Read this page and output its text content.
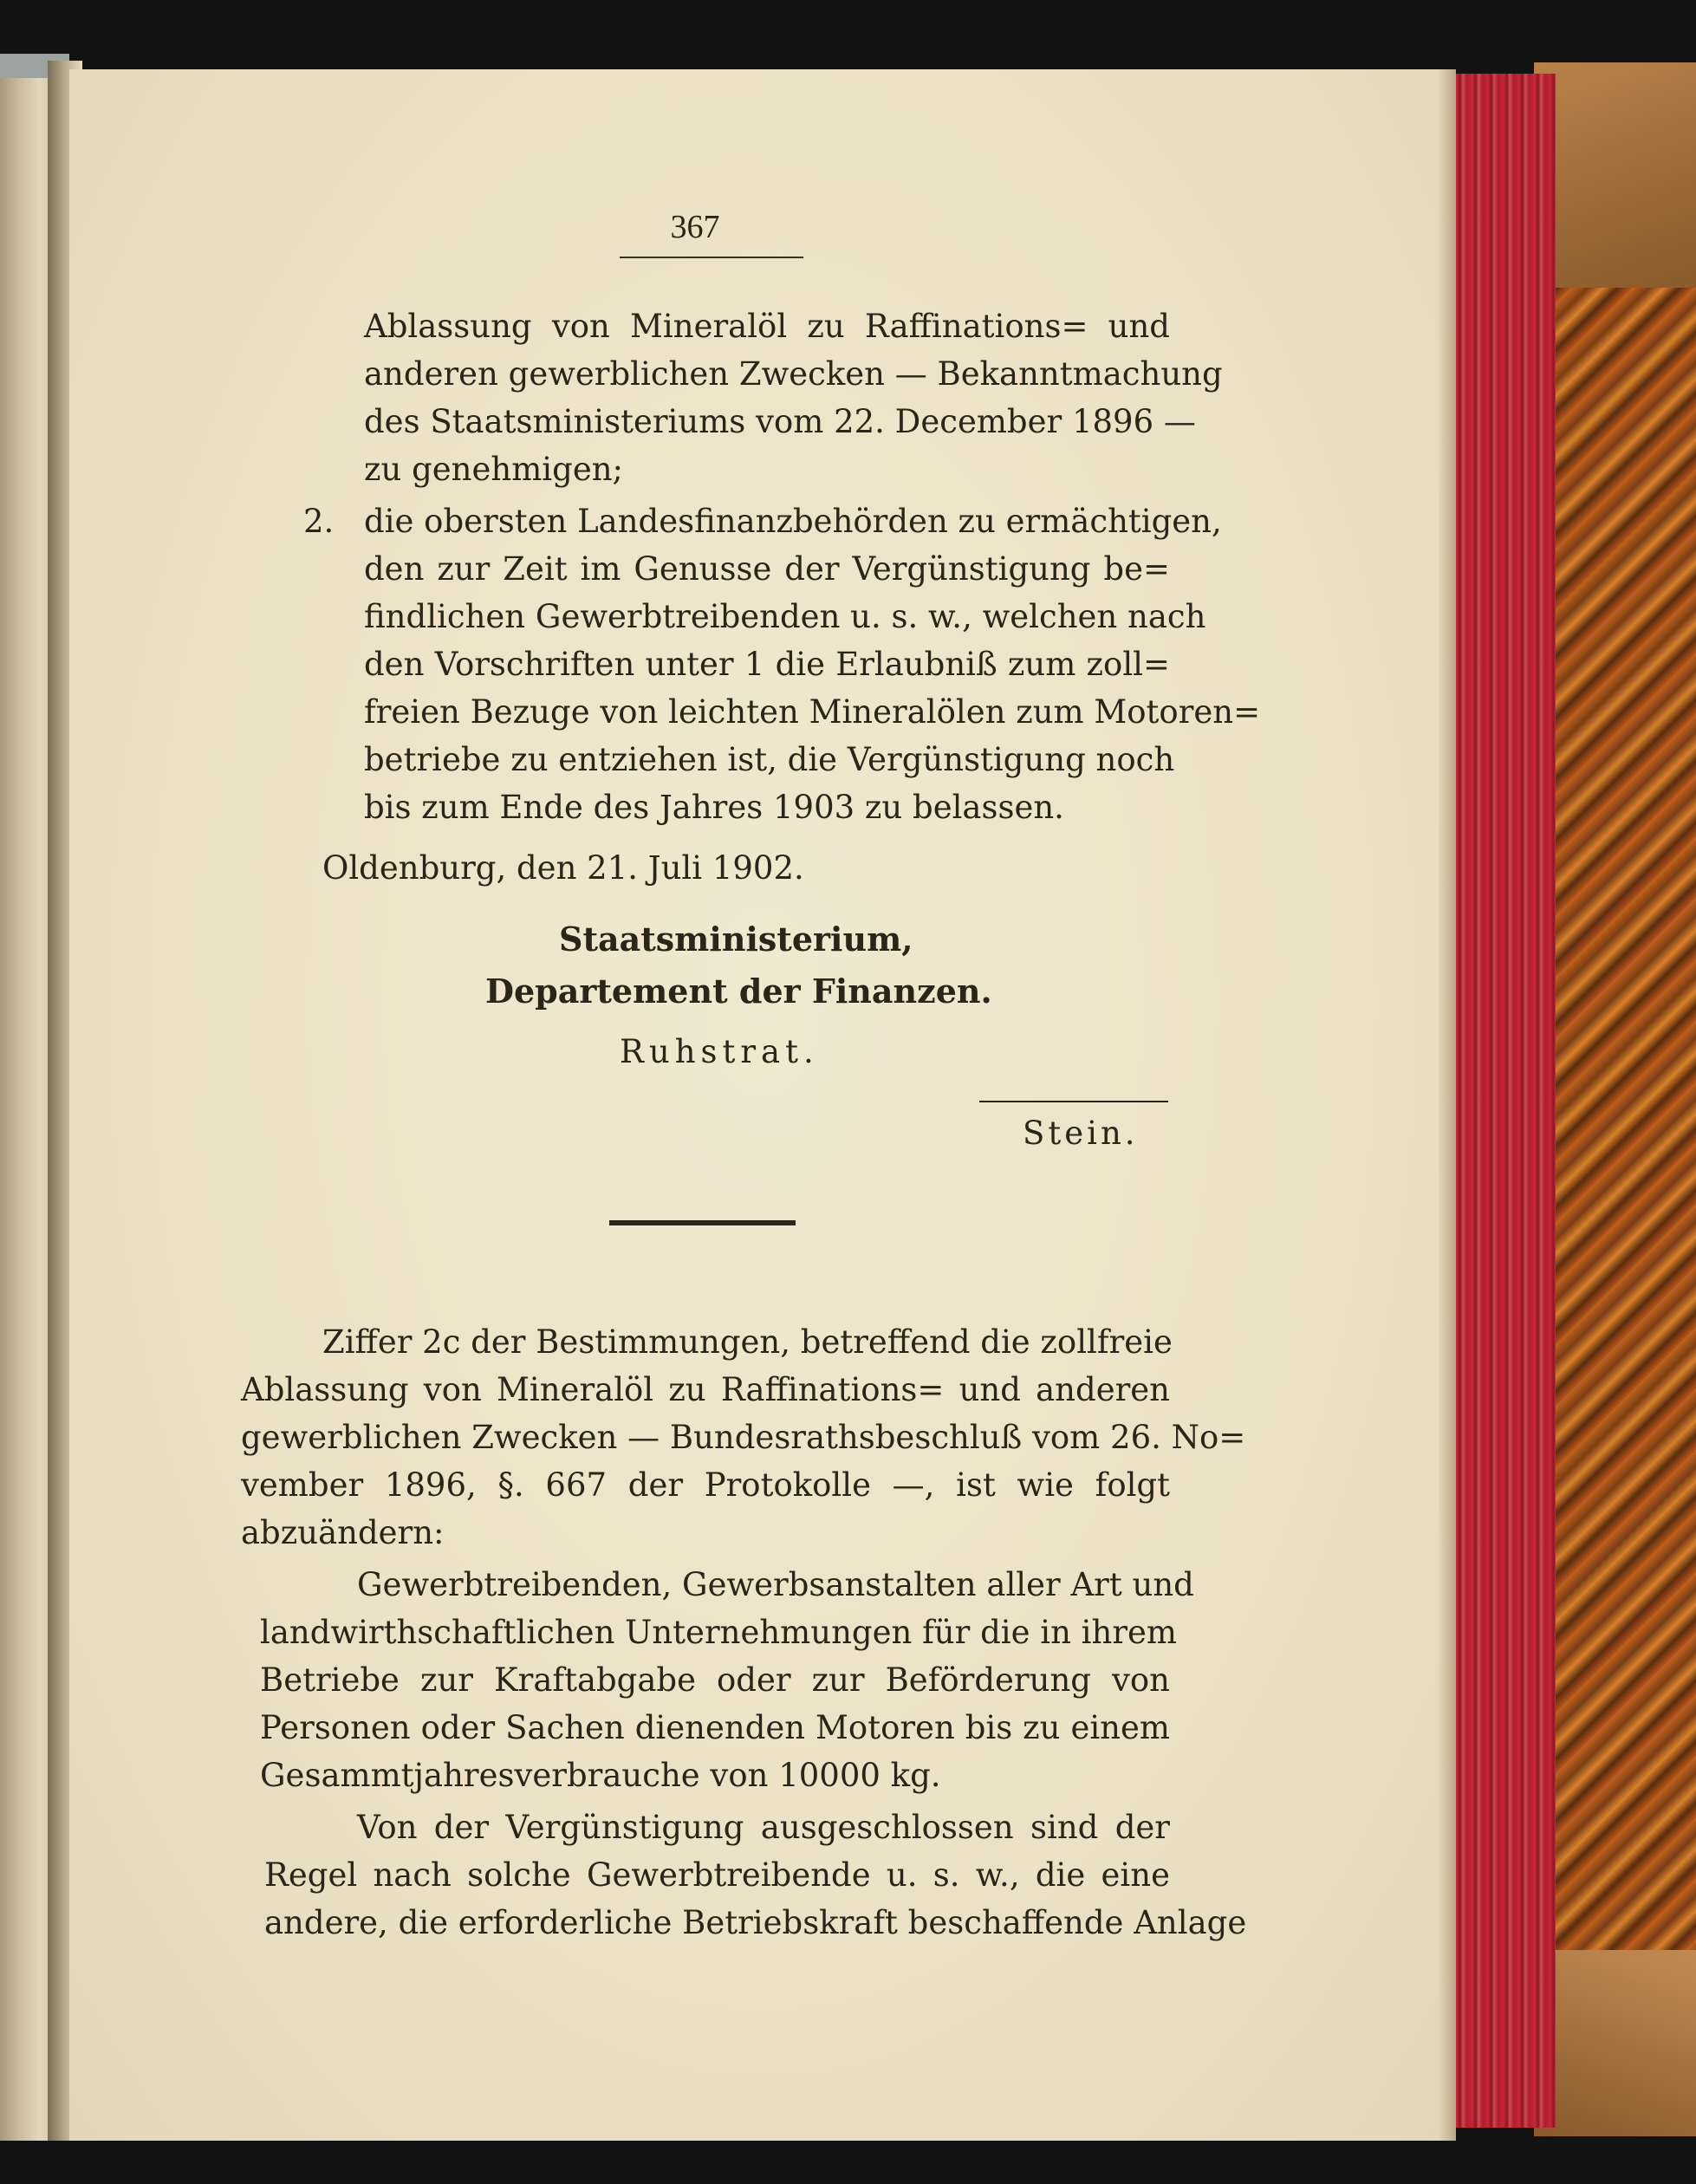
367
Ablassung von Mineralöl zu Raffinations= und
anderen gewerblichen Zwecken — Bekanntmachung
des Staatsministeriums vom 22. December 1896 —
zu genehmigen;
2. die obersten Landesfinanzbehörden zu ermächtigen,
den zur Zeit im Genusse der Vergünstigung be=
findlichen Gewerbtreibenden u. s. w., welchen nach
den Vorschriften unter 1 die Erlaubniß zum zoll=
freien Bezuge von leichten Mineralölen zum Motoren=
betriebe zu entziehen ist, die Vergünstigung noch
bis zum Ende des Jahres 1903 zu belassen.
Oldenburg, den 21. Juli 1902.
Staatsministerium,
Departement der Finanzen.
Ruhstrat.
Stein.
Ziffer 2c der Bestimmungen, betreffend die zollfreie
Ablassung von Mineralöl zu Raffinations= und anderen
gewerblichen Zwecken — Bundesrathsbeschluß vom 26. No=
vember 1896, §. 667 der Protokolle —, ist wie folgt
abzuändern:
Gewerbtreibenden, Gewerbsanstalten aller Art und
landwirthschaftlichen Unternehmungen für die in ihrem
Betriebe zur Kraftabgabe oder zur Beförderung von
Personen oder Sachen dienenden Motoren bis zu einem
Gesammtjahresverbrauche von 10000 kg.
Von der Vergünstigung ausgeschlossen sind der
Regel nach solche Gewerbtreibende u. s. w., die eine
andere, die erforderliche Betriebskraft beschaffende Anlage
